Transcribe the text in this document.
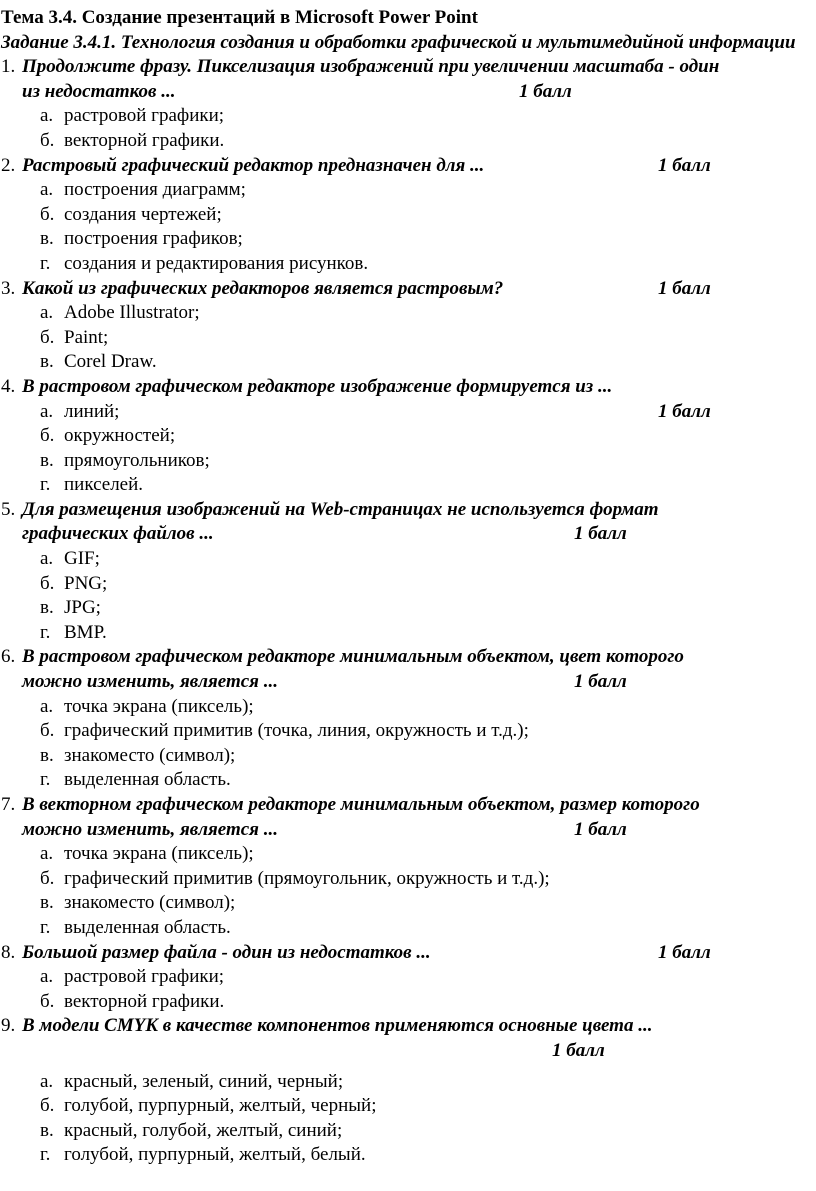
Тема 3.4. Создание презентаций в Microsoft Power Point
Задание 3.4.1. Технология создания и обработки графической и мультимедийной информации
1. Продолжите фразу. Пикселизация изображений при увеличении масштаба - один
из недостатков ...	1 балл
а. растровой графики;
б. векторной графики.
2. Растровый графический редактор предназначен для ...	1 балл
а. построения диаграмм;
б. создания чертежей;
в. построения графиков;
г. создания и редактирования рисунков.
3. Какой из графических редакторов является растровым?	1 балл
а. Adobe Illustrator;
б. Paint;
в. Corel Draw.
4. В растровом графическом редакторе изображение формируется из ...
а. линий;	1 балл
б. окружностей;
в. прямоугольников;
г. пикселей.
5. Для размещения изображений на Web-страницах не используется формат
графических файлов ...	1 балл
а. GIF;
б. PNG;
в. JPG;
г. BMP.
6. В растровом графическом редакторе минимальным объектом, цвет которого
можно изменить, является ...	1 балл
а. точка экрана (пиксель);
б. графический примитив (точка, линия, окружность и т.д.);
в. знакоместо (символ);
г. выделенная область.
7. В векторном графическом редакторе минимальным объектом, размер которого
можно изменить, является ...	1 балл
а. точка экрана (пиксель);
б. графический примитив (прямоугольник, окружность и т.д.);
в. знакоместо (символ);
г. выделенная область.
8. Большой размер файла - один из недостатков ...	1 балл
а. растровой графики;
б. векторной графики.
9. В модели CMYK в качестве компонентов применяются основные цвета ...
1 балл
а. красный, зеленый, синий, черный;
б. голубой, пурпурный, желтый, черный;
в. красный, голубой, желтый, синий;
г. голубой, пурпурный, желтый, белый.
